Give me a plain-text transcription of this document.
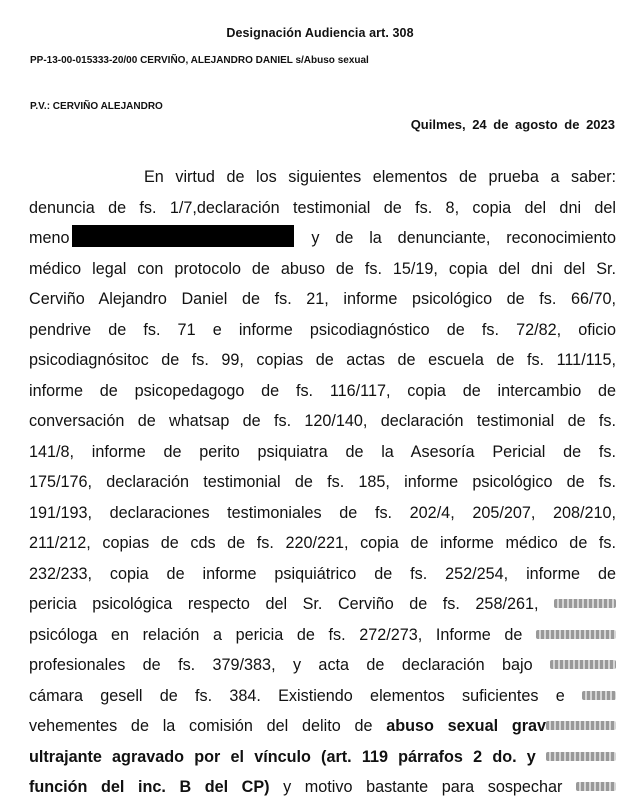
Designación Audiencia art. 308
PP-13-00-015333-20/00 CERVIÑO, ALEJANDRO DANIEL s/Abuso sexual
P.V.: CERVIÑO ALEJANDRO
Quilmes, 24 de agosto de 2023
En virtud de los siguientes elementos de prueba a saber:
denuncia de fs. 1/7,declaración testimonial de fs. 8, copia del dni del
meno	y de la denunciante, reconocimiento
médico legal con protocolo de abuso de fs. 15/19, copia del dni del Sr.
Cerviño Alejandro Daniel de fs. 21, informe psicológico de fs. 66/70,
pendrive de fs. 71 e informe psicodiagnóstico de fs. 72/82, oficio
psicodiagnósitoc de fs. 99, copias de actas de escuela de fs. 111/115,
informe de psicopedagogo de fs. 116/117, copia de intercambio de
conversación de whatsap de fs. 120/140, declaración testimonial de fs.
141/8, informe de perito psiquiatra de la Asesoría Pericial de fs.
175/176, declaración testimonial de fs. 185, informe psicológico de fs.
191/193, declaraciones testimoniales de fs. 202/4, 205/207, 208/210,
211/212, copias de cds de fs. 220/221, copia de informe médico de fs.
232/233, copia de informe psiquiátrico de fs. 252/254, informe de
pericia psicológica respecto del Sr. Cerviño de fs. 258/261,
psicóloga en relación a pericia de fs. 272/273, Informe de
profesionales de fs. 379/383, y acta de declaración bajo
cámara gesell de fs. 384. Existiendo elementos suficientes e
vehementes de la comisión del delito de abuso sexual grav
ultrajante agravado por el vínculo (art. 119 párrafos 2 do. y
función del inc. B del CP) y motivo bastante para sospechar
